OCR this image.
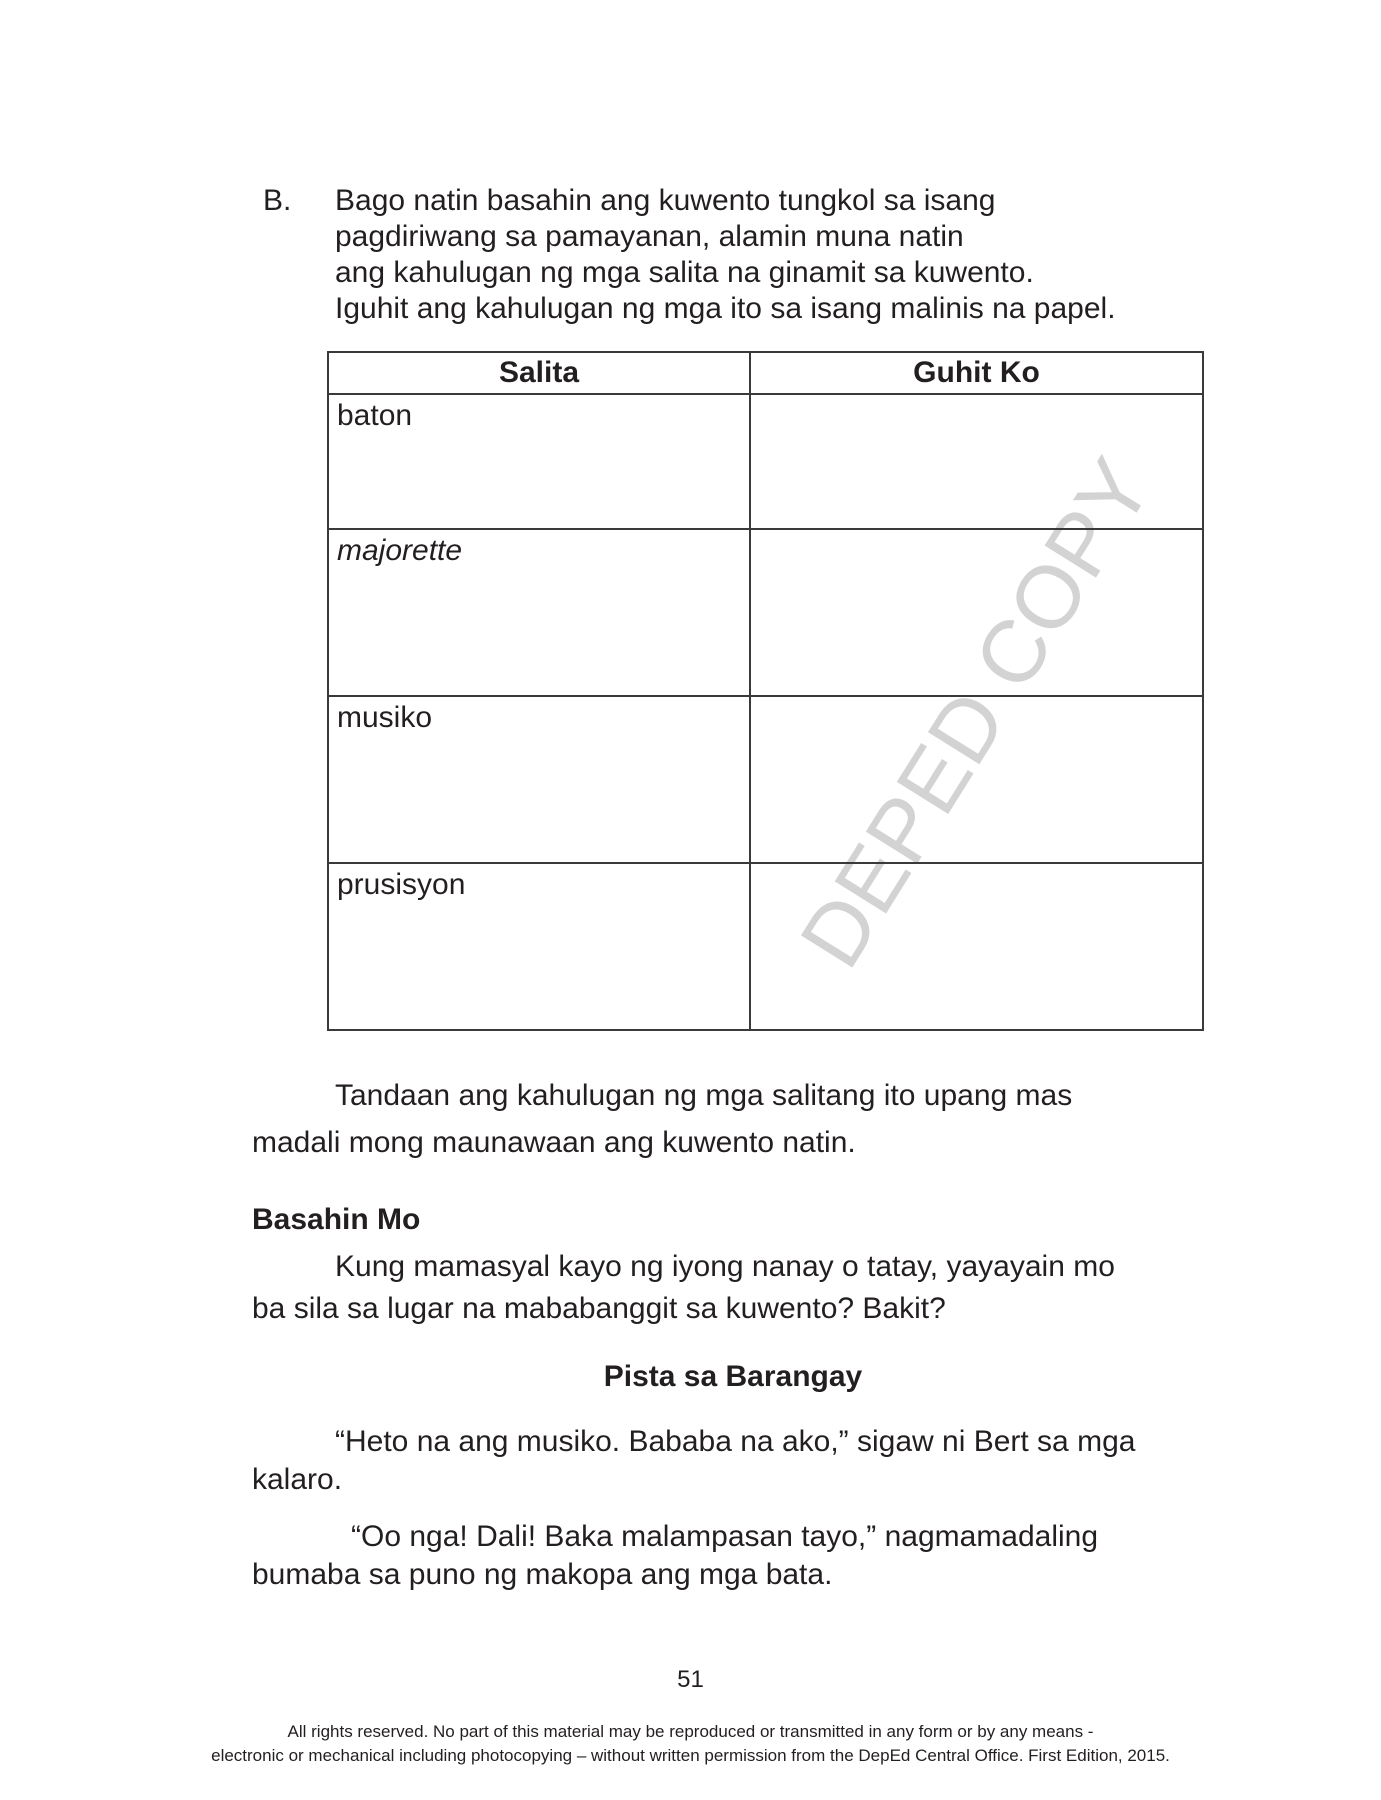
DEPED COPY
B. Bago natin basahin ang kuwento tungkol sa isang
pagdiriwang sa pamayanan, alamin muna natin
ang kahulugan ng mga salita na ginamit sa kuwento.
Iguhit ang kahulugan ng mga ito sa isang malinis na papel.
Salita	Guhit Ko
baton	
majorette	
musiko	
prusisyon	
Tandaan ang kahulugan ng mga salitang ito upang mas
madali mong maunawaan ang kuwento natin.
Basahin Mo
Kung mamasyal kayo ng iyong nanay o tatay, yayayain mo
ba sila sa lugar na mababanggit sa kuwento? Bakit?
Pista sa Barangay
“Heto na ang musiko. Bababa na ako,” sigaw ni Bert sa mga
kalaro.
“Oo nga! Dali! Baka malampasan tayo,” nagmamadaling
bumaba sa puno ng makopa ang mga bata.
51
All rights reserved. No part of this material may be reproduced or transmitted in any form or by any means -
electronic or mechanical including photocopying – without written permission from the DepEd Central Office. First Edition, 2015.
